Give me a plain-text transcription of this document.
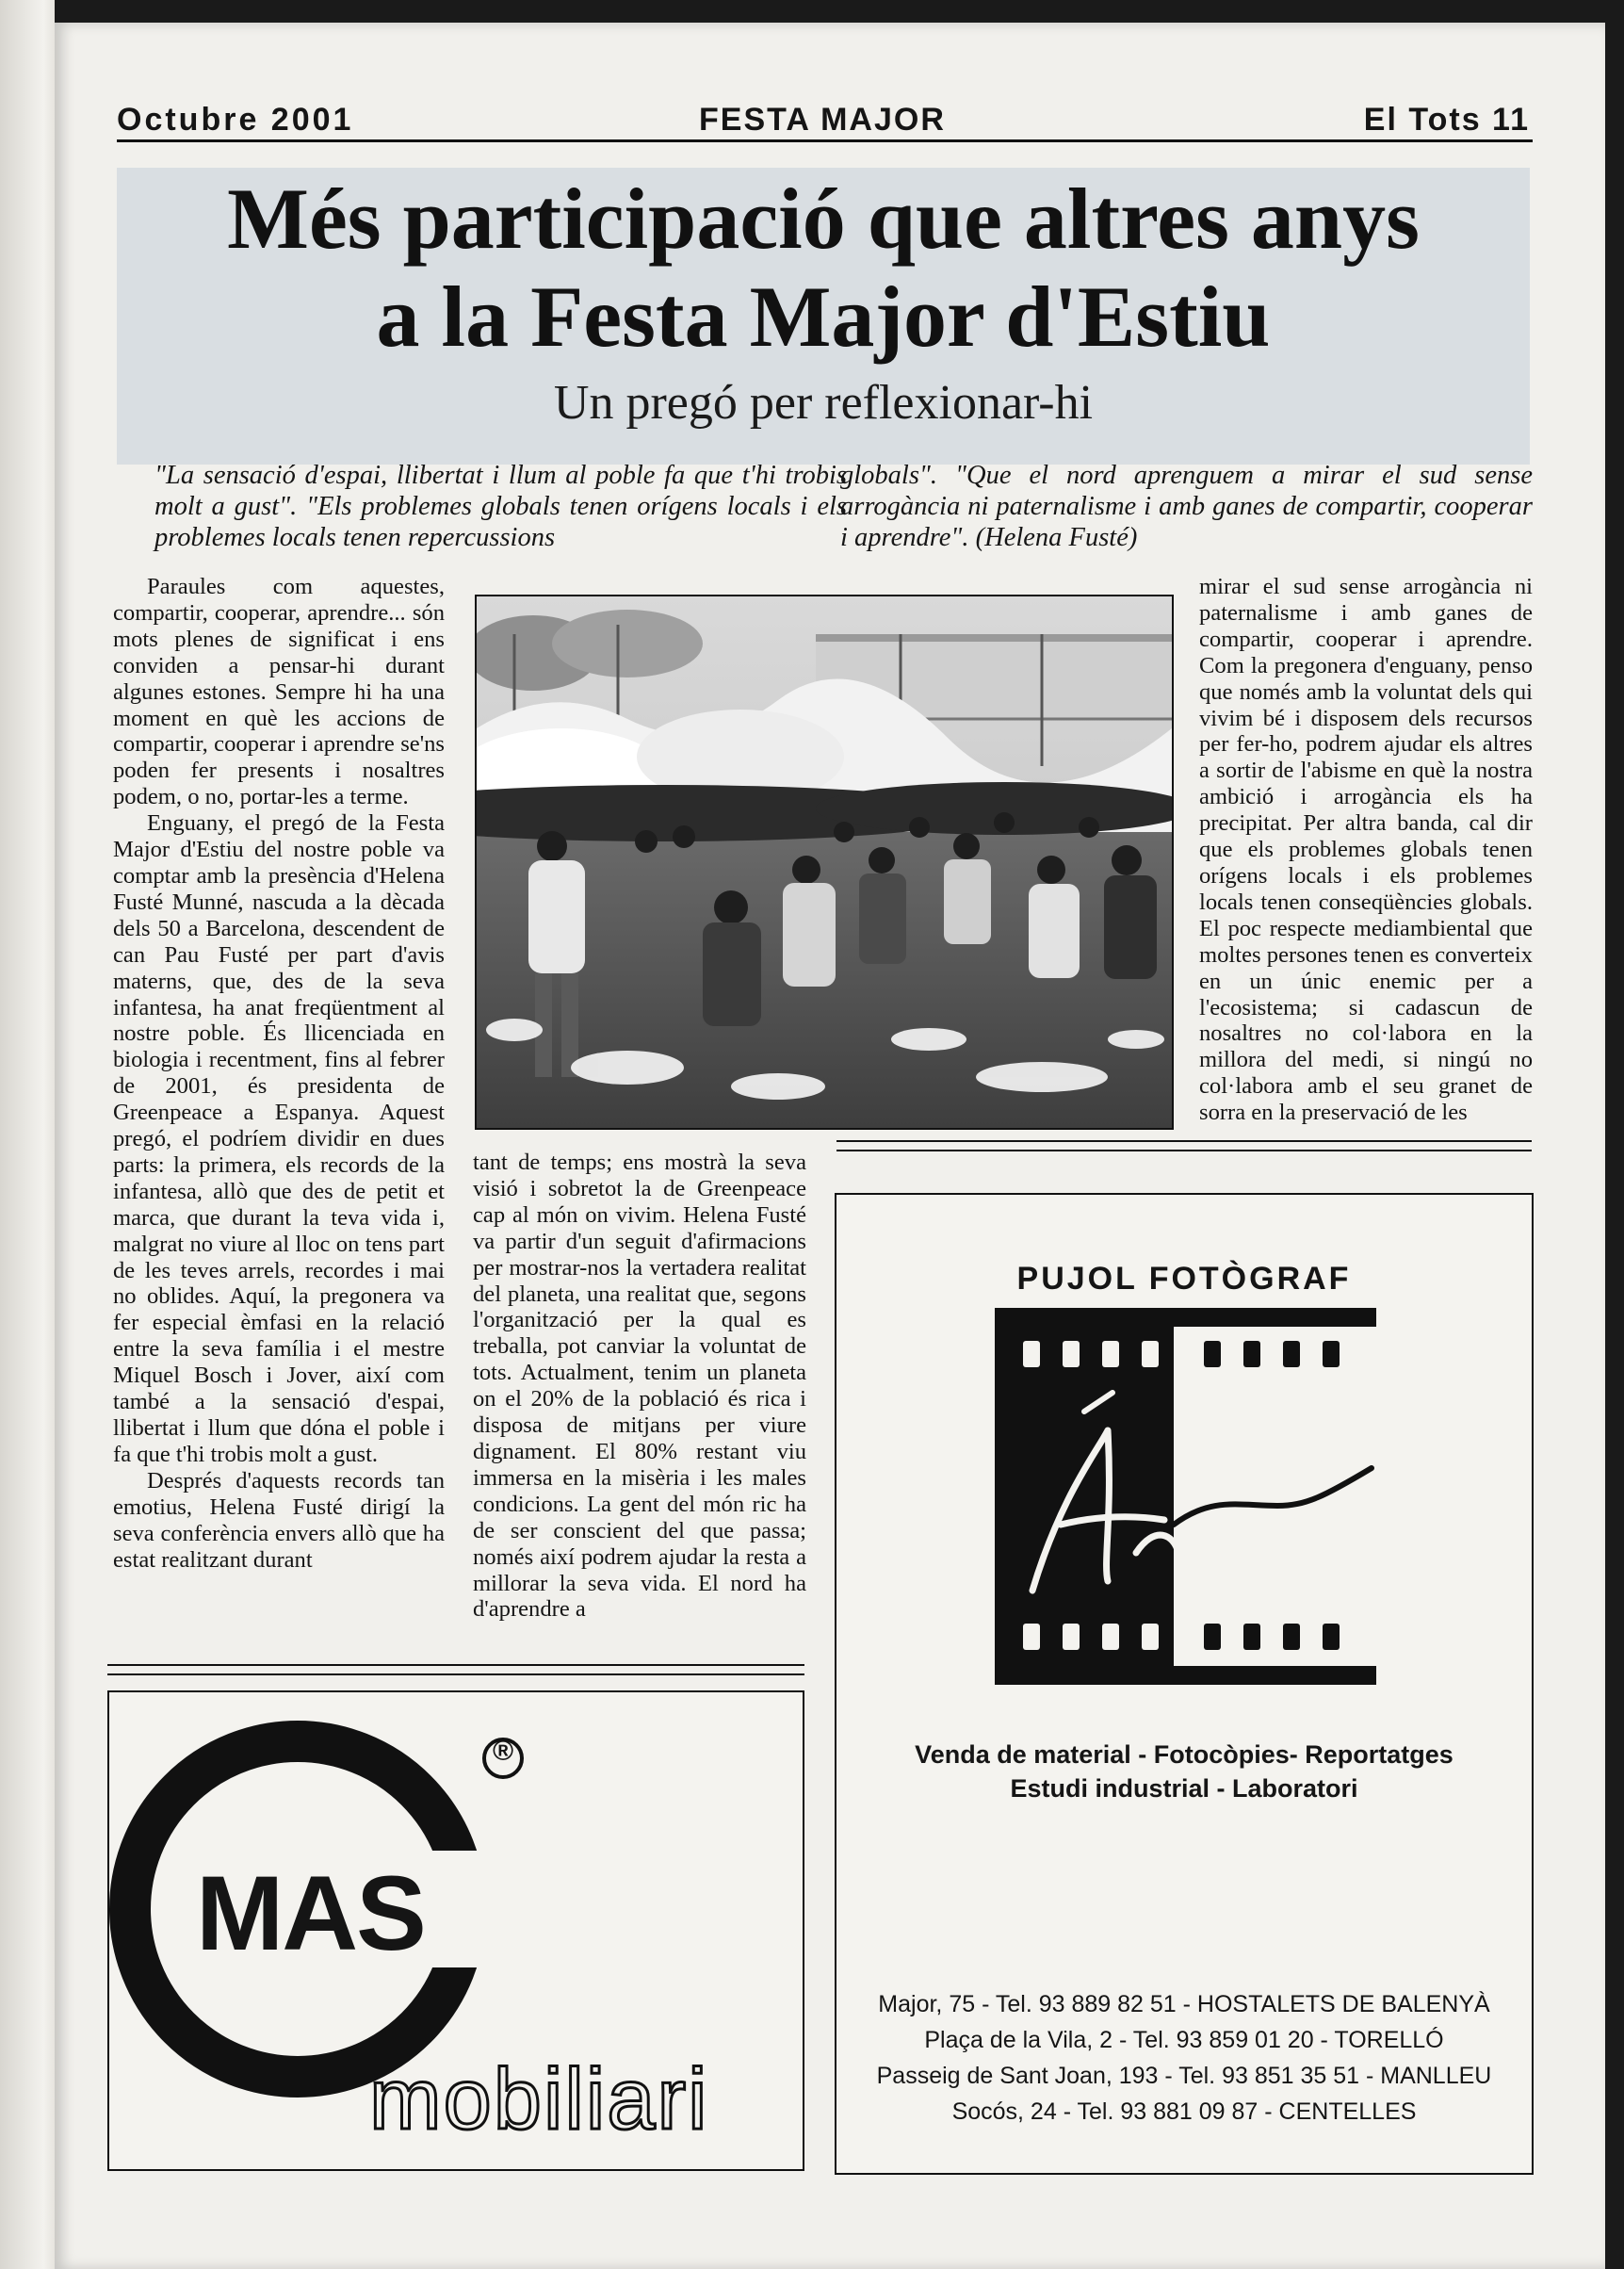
Octubre 2001	FESTA MAJOR	El Tots 11
Més participació que altres anys
a la Festa Major d'Estiu
Un pregó per reflexionar-hi
"La sensació d'espai, llibertat i llum al poble fa que t'hi trobis molt a gust". "Els problemes globals tenen orígens locals i els problemes locals tenen repercussions
globals". "Que el nord aprenguem a mirar el sud sense arrogància ni paternalisme i amb ganes de compartir, cooperar i aprendre". (Helena Fusté)

Paraules com aquestes, compartir, cooperar, aprendre... són mots plenes de significat i ens conviden a pensar-hi durant algunes estones. Sempre hi ha una moment en què les accions de compartir, cooperar i aprendre se'ns poden fer presents i nosaltres podem, o no, portar-les a terme.

Enguany, el pregó de la Festa Major d'Estiu del nostre poble va comptar amb la presència d'Helena Fusté Munné, nascuda a la dècada dels 50 a Barcelona, descendent de can Pau Fusté per part d'avis materns, que, des de la seva infantesa, ha anat freqüentment al nostre poble. És llicenciada en biologia i recentment, fins al febrer de 2001, és presidenta de Greenpeace a Espanya. Aquest pregó, el podríem dividir en dues parts: la primera, els records de la infantesa, allò que des de petit et marca, que durant la teva vida i, malgrat no viure al lloc on tens part de les teves arrels, recordes i mai no oblides. Aquí, la pregonera va fer especial èmfasi en la relació entre la seva família i el mestre Miquel Bosch i Jover, així com també a la sensació d'espai, llibertat i llum que dóna el poble i fa que t'hi trobis molt a gust.

Després d'aquests records tan emotius, Helena Fusté dirigí la seva conferència envers allò que ha estat realitzant durant

tant de temps; ens mostrà la seva visió i sobretot la de Greenpeace cap al món on vivim. Helena Fusté va partir d'un seguit d'afirmacions per mostrar-nos la vertadera realitat del planeta, una realitat que, segons l'organització per la qual es treballa, pot canviar la voluntat de tots. Actualment, tenim un planeta on el 20% de la població és rica i disposa de mitjans per viure dignament. El 80% restant viu immersa en la misèria i les males condicions. La gent del món ric ha de ser conscient del que passa; només així podrem ajudar la resta a millorar la seva vida. El nord ha d'aprendre a

mirar el sud sense arrogància ni paternalisme i amb ganes de compartir, cooperar i aprendre. Com la pregonera d'enguany, penso que només amb la voluntat dels qui vivim bé i disposem dels recursos per fer-ho, podrem ajudar els altres a sortir de l'abisme en què la nostra ambició i arrogància els ha precipitat. Per altra banda, cal dir que els problemes globals tenen orígens locals i els problemes locals tenen conseqüències globals. El poc respecte mediambiental que moltes persones tenen es converteix en un únic enemic per a l'ecosistema; si cadascun de nosaltres no col·labora en la millora del medi, si ningú no col·labora amb el seu granet de sorra en la preservació de les

MAS
®
mobiliari
PUJOL FOTÒGRAF
Venda de material - Fotocòpies- Reportatges
Estudi industrial - Laboratori
Major, 75 - Tel. 93 889 82 51 - HOSTALETS DE BALENYÀ
Plaça de la Vila, 2 - Tel. 93 859 01 20 - TORELLÓ
Passeig de Sant Joan, 193 - Tel. 93 851 35 51 - MANLLEU
Socós, 24 - Tel. 93 881 09 87 - CENTELLES
